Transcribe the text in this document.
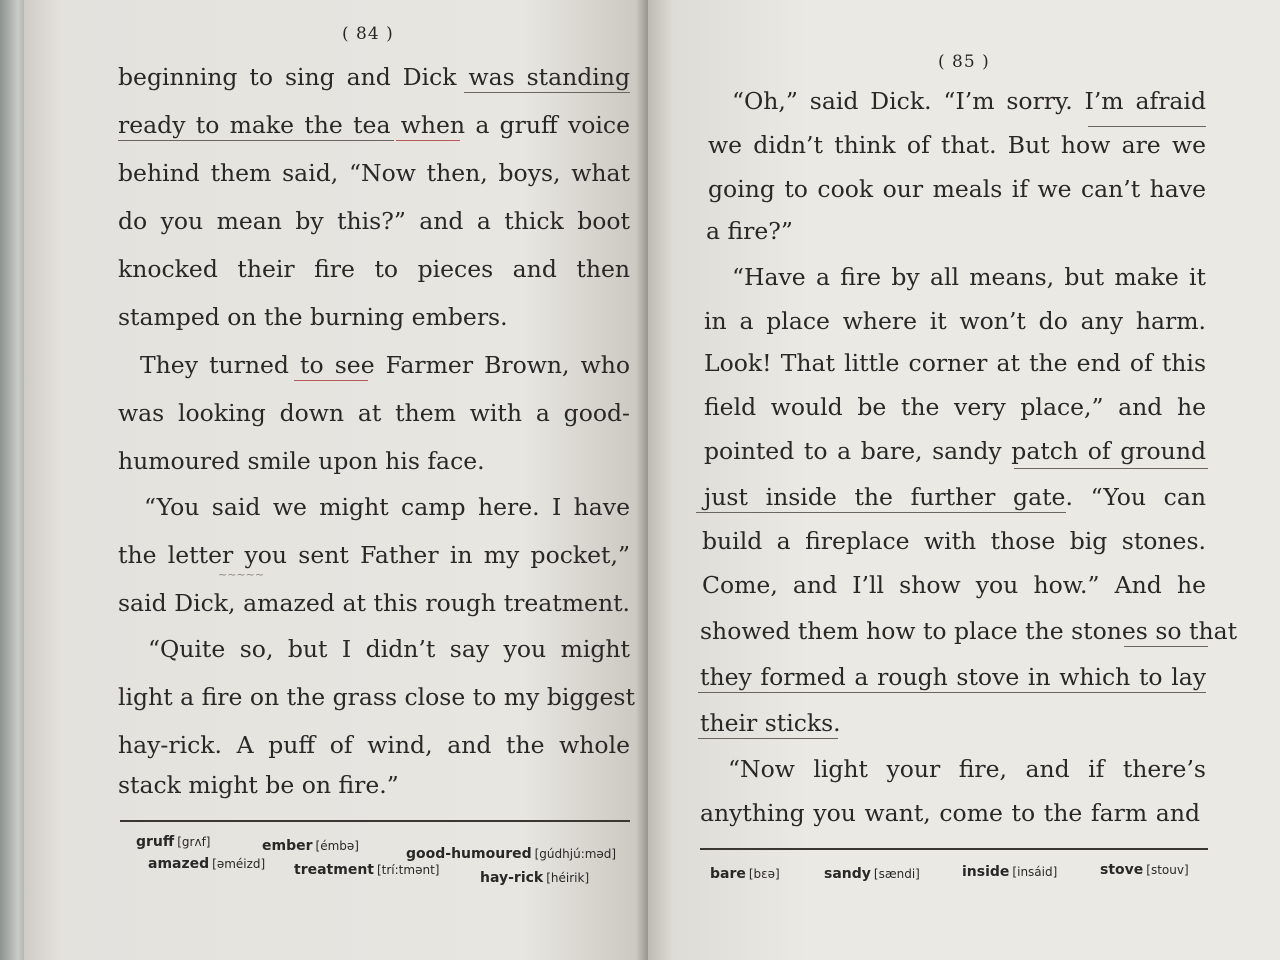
( 84 )
beginning to sing and Dick was standing
ready to make the tea when a gruff voice
behind them said, “Now then, boys, what
do you mean by this?” and a thick boot
knocked their fire to pieces and then
stamped on the burning embers.
They turned to see Farmer Brown, who
was looking down at them with a good-
humoured smile upon his face.
“You said we might camp here. I have
the letter you sent Father in my pocket,”
said Dick, amazed at this rough treatment.
“Quite so, but I didn’t say you might
light a fire on the grass close to my biggest
hay-rick. A puff of wind, and the whole
stack might be on fire.”
~~~~~
gruff [grʌf]	ember [émbə]	good-humoured [gúdhjú:məd]
amazed [əméizd] treatment [trí:tmənt]	hay-rick [héirik]
( 85 )
“Oh,” said Dick. “I’m sorry. I’m afraid
we didn’t think of that. But how are we
going to cook our meals if we can’t have
a fire?”
“Have a fire by all means, but make it
in a place where it won’t do any harm.
Look! That little corner at the end of this
field would be the very place,” and he
pointed to a bare, sandy patch of ground
just inside the further gate. “You can
build a fireplace with those big stones.
Come, and I’ll show you how.” And he
showed them how to place the stones so that
they formed a rough stove in which to lay
their sticks.
“Now light your fire, and if there’s
anything you want, come to the farm and
bare [bɛə]	sandy [sændi]	inside [insáid]	stove [stouv]
